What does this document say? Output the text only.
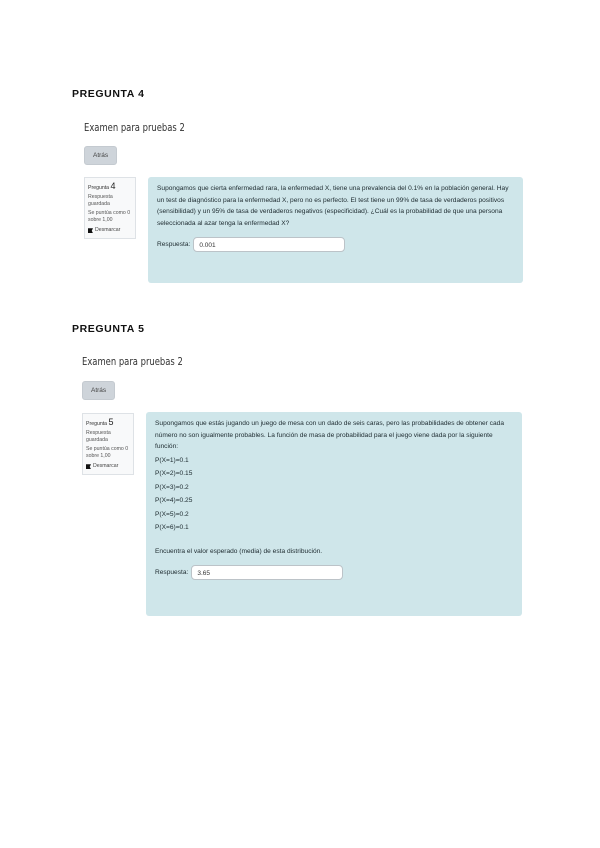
PREGUNTA 4
Examen para pruebas 2
Atrás
Pregunta 4
Respuesta guardada
Se puntúa como 0 sobre 1,00
Desmarcar

Supongamos que cierta enfermedad rara, la enfermedad X, tiene una prevalencia del 0.1% en la población general. Hay un test de diagnóstico para la enfermedad X, pero no es perfecto. El test tiene un 99% de tasa de verdaderos positivos (sensibilidad) y un 95% de tasa de verdaderos negativos (especificidad). ¿Cuál es la probabilidad de que una persona seleccionada al azar tenga la enfermedad X?

Respuesta:	0.001
PREGUNTA 5
Examen para pruebas 2
Atrás
Pregunta 5
Respuesta guardada
Se puntúa como 0 sobre 1,00
Desmarcar

Supongamos que estás jugando un juego de mesa con un dado de seis caras, pero las probabilidades de obtener cada número no son igualmente probables. La función de masa de probabilidad para el juego viene dada por la siguiente función:

P(X=1)=0.1
P(X=2)=0.15
P(X=3)=0.2
P(X=4)=0.25
P(X=5)=0.2
P(X=6)=0.1

Encuentra el valor esperado (media) de esta distribución.

Respuesta:	3.65
